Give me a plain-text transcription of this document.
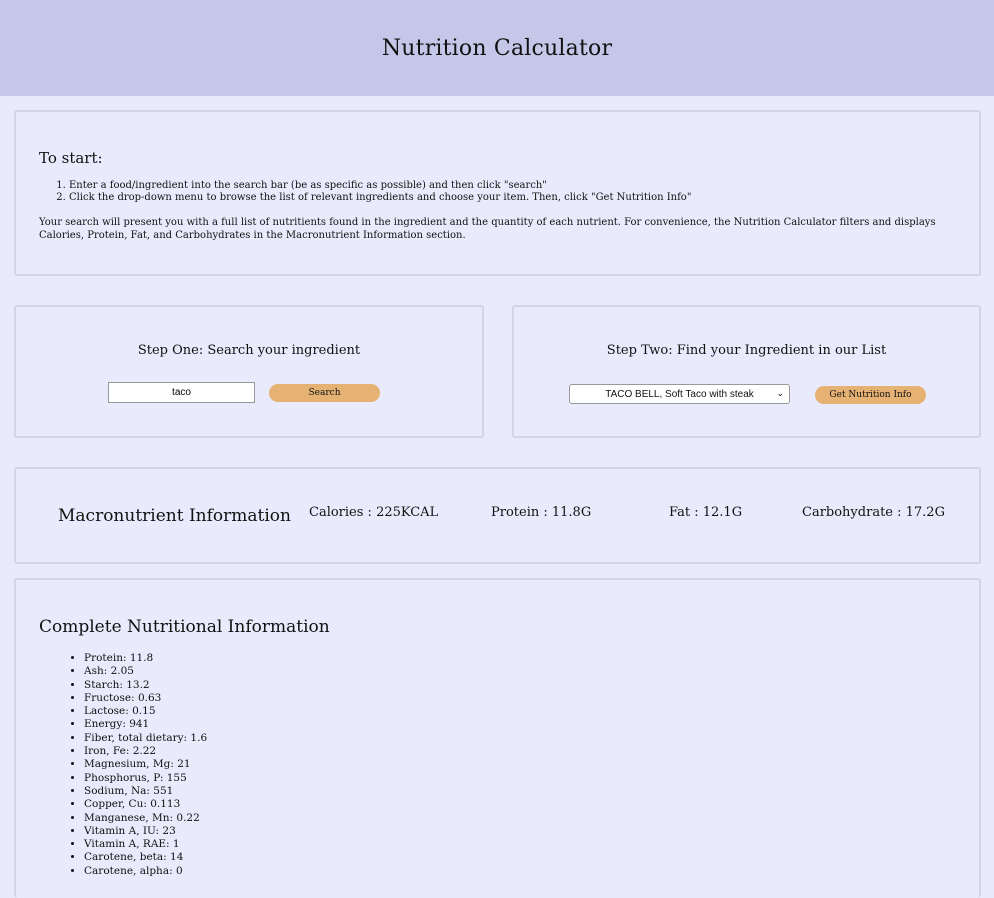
Nutrition Calculator
To start:
1. Enter a food/ingredient into the search bar (be as specific as possible) and then click "search"
2. Click the drop-down menu to browse the list of relevant ingredients and choose your item. Then, click "Get Nutrition Info"

Your search will present you with a full list of nutritients found in the ingredient and the quantity of each nutrient. For convenience, the Nutrition Calculator filters and displays Calories, Protein, Fat, and Carbohydrates in the Macronutrient Information section.

Step One: Search your ingredient
taco
Search
Step Two: Find your Ingredient in our List
TACO BELL, Soft Taco with steak	⌄	Get Nutrition Info
Macronutrient Information Calories : 225KCAL	Protein : 11.8G	Fat : 12.1G	Carbohydrate : 17.2G
Complete Nutritional Information
• Protein: 11.8
• Ash: 2.05
• Starch: 13.2
• Fructose: 0.63
• Lactose: 0.15
• Energy: 941
• Fiber, total dietary: 1.6
• Iron, Fe: 2.22
• Magnesium, Mg: 21
• Phosphorus, P: 155
• Sodium, Na: 551
• Copper, Cu: 0.113
• Manganese, Mn: 0.22
• Vitamin A, IU: 23
• Vitamin A, RAE: 1
• Carotene, beta: 14
• Carotene, alpha: 0
